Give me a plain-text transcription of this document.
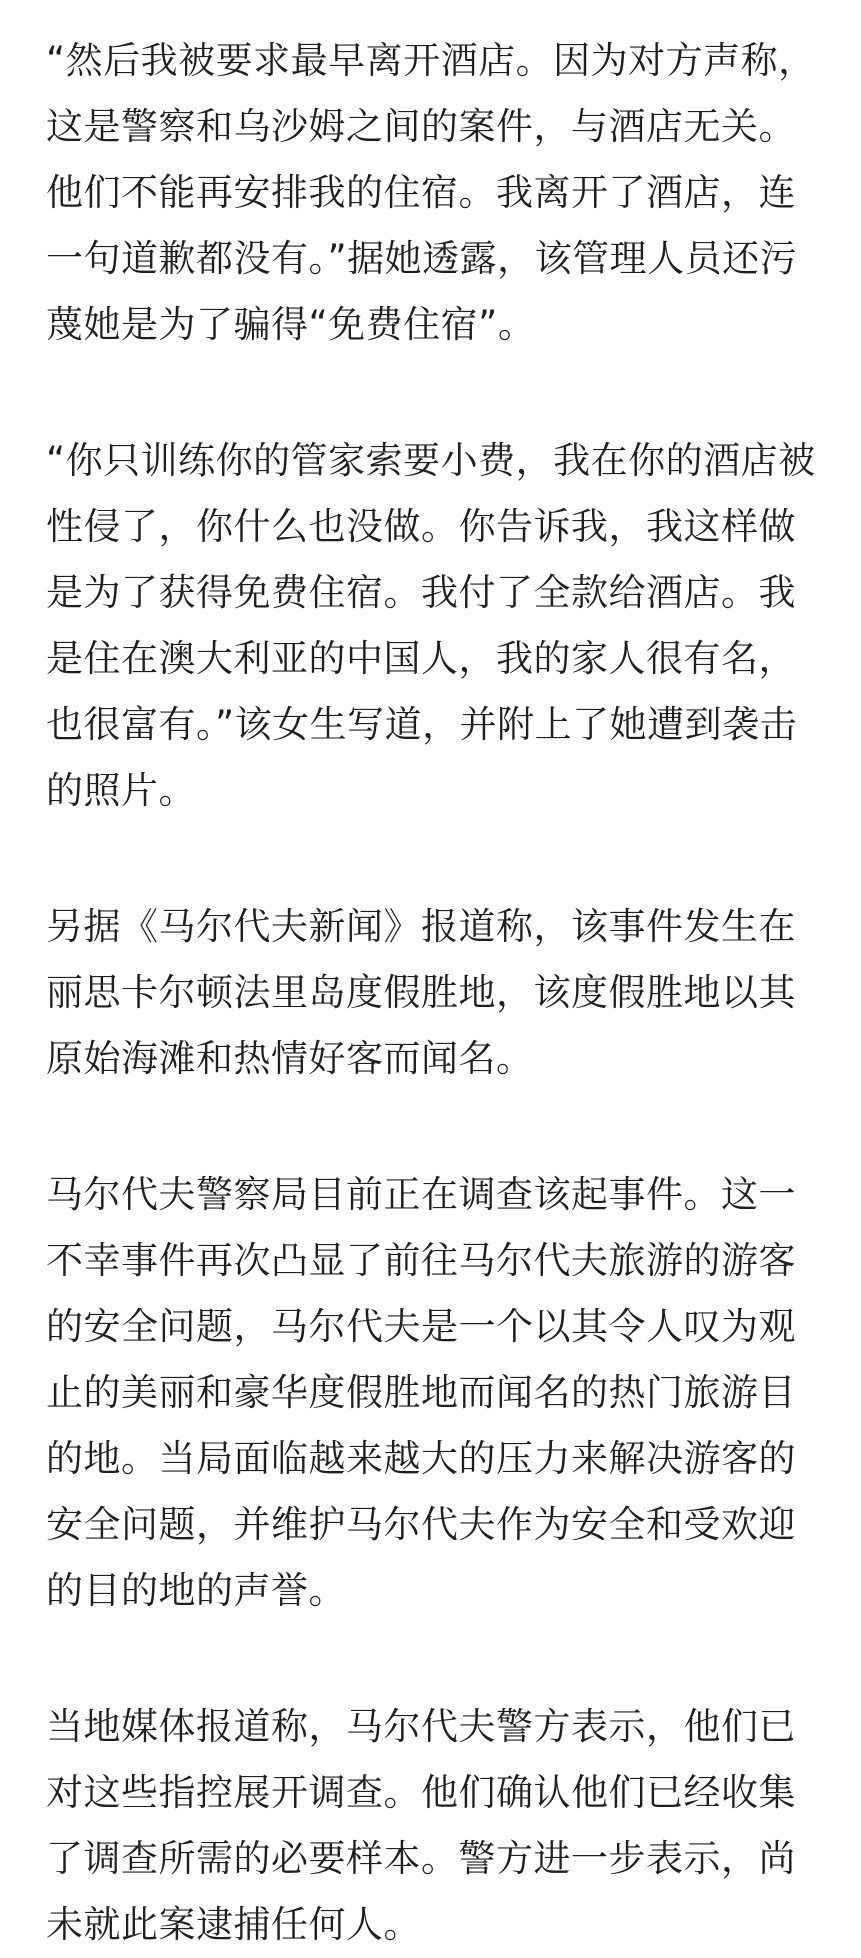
“然后我被要求最早离开酒店。因为对方声称，
这是警察和乌沙姆之间的案件，与酒店无关。
他们不能再安排我的住宿。我离开了酒店，连
一句道歉都没有。”据她透露，该管理人员还污
蔑她是为了骗得“免费住宿”。
“你只训练你的管家索要小费，我在你的酒店被
性侵了，你什么也没做。你告诉我，我这样做
是为了获得免费住宿。我付了全款给酒店。我
是住在澳大利亚的中国人，我的家人很有名，
也很富有。”该女生写道，并附上了她遭到袭击
的照片。
另据《马尔代夫新闻》报道称，该事件发生在
丽思卡尔顿法里岛度假胜地，该度假胜地以其
原始海滩和热情好客而闻名。
马尔代夫警察局目前正在调查该起事件。这一
不幸事件再次凸显了前往马尔代夫旅游的游客
的安全问题，马尔代夫是一个以其令人叹为观
止的美丽和豪华度假胜地而闻名的热门旅游目
的地。当局面临越来越大的压力来解决游客的
安全问题，并维护马尔代夫作为安全和受欢迎
的目的地的声誉。
当地媒体报道称，马尔代夫警方表示，他们已
对这些指控展开调查。他们确认他们已经收集
了调查所需的必要样本。警方进一步表示，尚
未就此案逮捕任何人。
